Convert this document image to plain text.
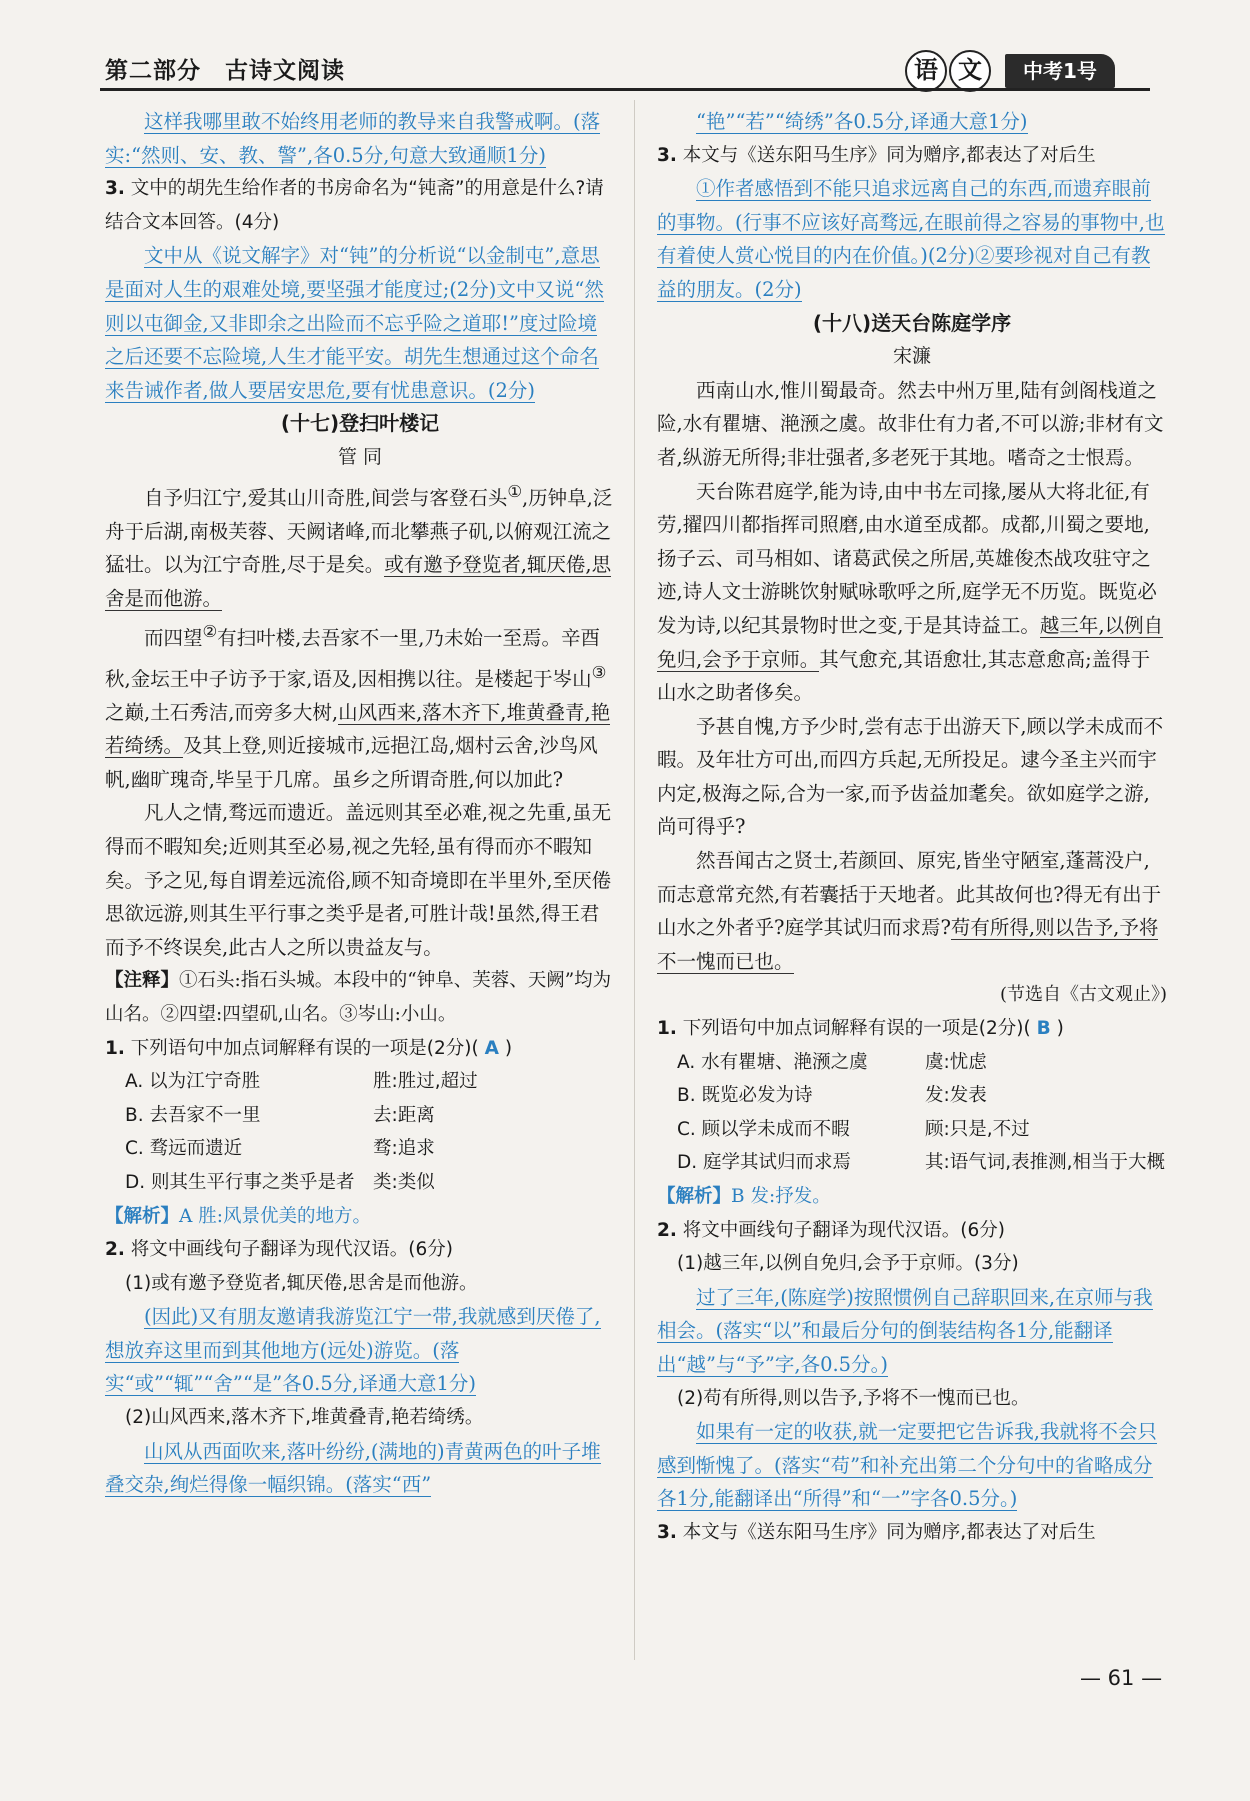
第二部分　古诗文阅读	语 文	中考1号

这样我哪里敢不始终用老师的教导来自我警戒啊。(落实:“然则、安、教、警”,各0.5分,句意大致通顺1分)

3. 文中的胡先生给作者的书房命名为“钝斋”的用意是什么?请结合文本回答。(4分)

文中从《说文解字》对“钝”的分析说“以金制屯”,意思是面对人生的艰难处境,要坚强才能度过;(2分)文中又说“然则以屯御金,又非即余之出险而不忘乎险之道耶!”度过险境之后还要不忘险境,人生才能平安。胡先生想通过这个命名来告诫作者,做人要居安思危,要有忧患意识。(2分)

(十七)登扫叶楼记

管 同

自予归江宁,爱其山川奇胜,间尝与客登石头①,历钟阜,泛舟于后湖,南极芙蓉、天阙诸峰,而北攀燕子矶,以俯观江流之猛壮。以为江宁奇胜,尽于是矣。或有邀予登览者,辄厌倦,思舍是而他游。

而四望②有扫叶楼,去吾家不一里,乃未始一至焉。辛酉秋,金坛王中子访予于家,语及,因相携以往。是楼起于岑山③之巅,土石秀洁,而旁多大树,山风西来,落木齐下,堆黄叠青,艳若绮绣。及其上登,则近接城市,远挹江岛,烟村云舍,沙鸟风帆,幽旷瑰奇,毕呈于几席。虽乡之所谓奇胜,何以加此?

凡人之情,骛远而遗近。盖远则其至必难,视之先重,虽无得而不暇知矣;近则其至必易,视之先轻,虽有得而亦不暇知矣。予之见,每自谓差远流俗,顾不知奇境即在半里外,至厌倦思欲远游,则其生平行事之类乎是者,可胜计哉!虽然,得王君而予不终误矣,此古人之所以贵益友与。

【注释】①石头:指石头城。本段中的“钟阜、芙蓉、天阙”均为山名。②四望:四望矶,山名。③岑山:小山。

1. 下列语句中加点词解释有误的一项是(2分)( A )

A. 以为江宁奇胜	胜:胜过,超过
B. 去吾家不一里	去:距离
C. 骛远而遗近	骛:追求
D. 则其生平行事之类乎是者 类:类似

【解析】A 胜:风景优美的地方。

2. 将文中画线句子翻译为现代汉语。(6分)

(1)或有邀予登览者,辄厌倦,思舍是而他游。

(因此)又有朋友邀请我游览江宁一带,我就感到厌倦了,想放弃这里而到其他地方(远处)游览。(落实“或”“辄”“舍”“是”各0.5分,译通大意1分)

(2)山风西来,落木齐下,堆黄叠青,艳若绮绣。

山风从西面吹来,落叶纷纷,(满地的)青黄两色的叶子堆叠交杂,绚烂得像一幅织锦。(落实“西”

“艳”“若”“绮绣”各0.5分,译通大意1分)

3. 本文与《送东阳马生序》同为赠序,都表达了对后生

①作者感悟到不能只追求远离自己的东西,而遗弃眼前的事物。(行事不应该好高骛远,在眼前得之容易的事物中,也有着使人赏心悦目的内在价值。)(2分)②要珍视对自己有教益的朋友。(2分)

(十八)送天台陈庭学序

宋濂

西南山水,惟川蜀最奇。然去中州万里,陆有剑阁栈道之险,水有瞿塘、滟滪之虞。故非仕有力者,不可以游;非材有文者,纵游无所得;非壮强者,多老死于其地。嗜奇之士恨焉。

天台陈君庭学,能为诗,由中书左司掾,屡从大将北征,有劳,擢四川都指挥司照磨,由水道至成都。成都,川蜀之要地,扬子云、司马相如、诸葛武侯之所居,英雄俊杰战攻驻守之迹,诗人文士游眺饮射赋咏歌呼之所,庭学无不历览。既览必发为诗,以纪其景物时世之变,于是其诗益工。越三年,以例自免归,会予于京师。其气愈充,其语愈壮,其志意愈高;盖得于山水之助者侈矣。

予甚自愧,方予少时,尝有志于出游天下,顾以学未成而不暇。及年壮方可出,而四方兵起,无所投足。逮今圣主兴而宇内定,极海之际,合为一家,而予齿益加耄矣。欲如庭学之游,尚可得乎?

然吾闻古之贤士,若颜回、原宪,皆坐守陋室,蓬蒿没户,而志意常充然,有若囊括于天地者。此其故何也?得无有出于山水之外者乎?庭学其试归而求焉?苟有所得,则以告予,予将不一愧而已也。

(节选自《古文观止》)

1. 下列语句中加点词解释有误的一项是(2分)( B )

A. 水有瞿塘、滟滪之虞	虞:忧虑
B. 既览必发为诗	发:发表
C. 顾以学未成而不暇	顾:只是,不过
D. 庭学其试归而求焉	其:语气词,表推测,相当于大概

【解析】B 发:抒发。

2. 将文中画线句子翻译为现代汉语。(6分)

(1)越三年,以例自免归,会予于京师。(3分)

过了三年,(陈庭学)按照惯例自己辞职回来,在京师与我相会。(落实“以”和最后分句的倒装结构各1分,能翻译出“越”与“予”字,各0.5分。)

(2)苟有所得,则以告予,予将不一愧而已也。

如果有一定的收获,就一定要把它告诉我,我就将不会只感到惭愧了。(落实“苟”和补充出第二个分句中的省略成分各1分,能翻译出“所得”和“一”字各0.5分。)

3. 本文与《送东阳马生序》同为赠序,都表达了对后生

— 61 —
